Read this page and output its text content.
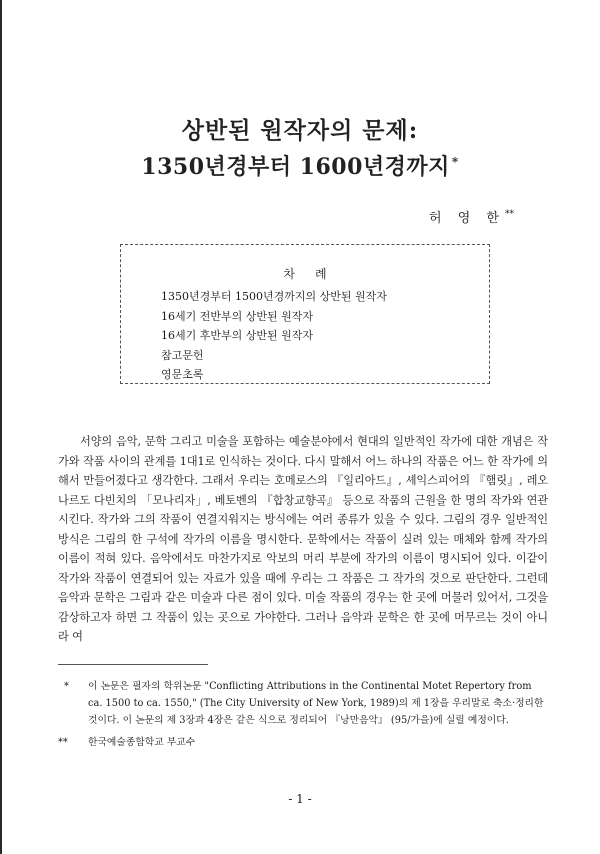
상반된 원작자의 문제:
1350년경부터 1600년경까지 *
허 영 한**
차례
1350년경부터 1500년경까지의 상반된 원작자
16세기 전반부의 상반된 원작자
16세기 후반부의 상반된 원작자
참고문헌
영문초록

서양의 음악, 문학 그리고 미술을 포함하는 예술분야에서 현대의 일반적인 작가에 대한 개념은 작가와 작품 사이의 관계를 1대1로 인식하는 것이다. 다시 말해서 어느 하나의 작품은 어느 한 작가에 의해서 만들어졌다고 생각한다. 그래서 우리는 호메로스의 『일리아드』, 셰익스피어의 『햄릿』, 레오나르도 다빈치의 「모나리자」, 베토벤의 『합창교향곡』 등으로 작품의 근원을 한 명의 작가와 연관시킨다. 작가와 그의 작품이 연결지워지는 방식에는 여러 종류가 있을 수 있다. 그림의 경우 일반적인 방식은 그림의 한 구석에 작가의 이름을 명시한다. 문학에서는 작품이 실려 있는 매체와 함께 작가의 이름이 적혀 있다. 음악에서도 마찬가지로 악보의 머리 부분에 작가의 이름이 명시되어 있다. 이같이 작가와 작품이 연결되어 있는 자료가 있을 때에 우리는 그 작품은 그 작가의 것으로 판단한다. 그런데 음악과 문학은 그림과 같은 미술과 다른 점이 있다. 미술 작품의 경우는 한 곳에 머물러 있어서, 그것을 감상하고자 하면 그 작품이 있는 곳으로 가야한다. 그러나 음악과 문학은 한 곳에 머무르는 것이 아니라 여

* 이 논문은 필자의 학위논문 "Conflicting Attributions in the Continental Motet Repertory from ca. 1500 to ca. 1550," (The City University of New York, 1989)의 제 1장을 우리말로 축소·정리한 것이다. 이 논문의 제 3장과 4장은 같은 식으로 정리되어 『낭만음악』 (95/가을)에 실릴 예정이다.
** 한국예술종합학교 부교수
- 1 -
